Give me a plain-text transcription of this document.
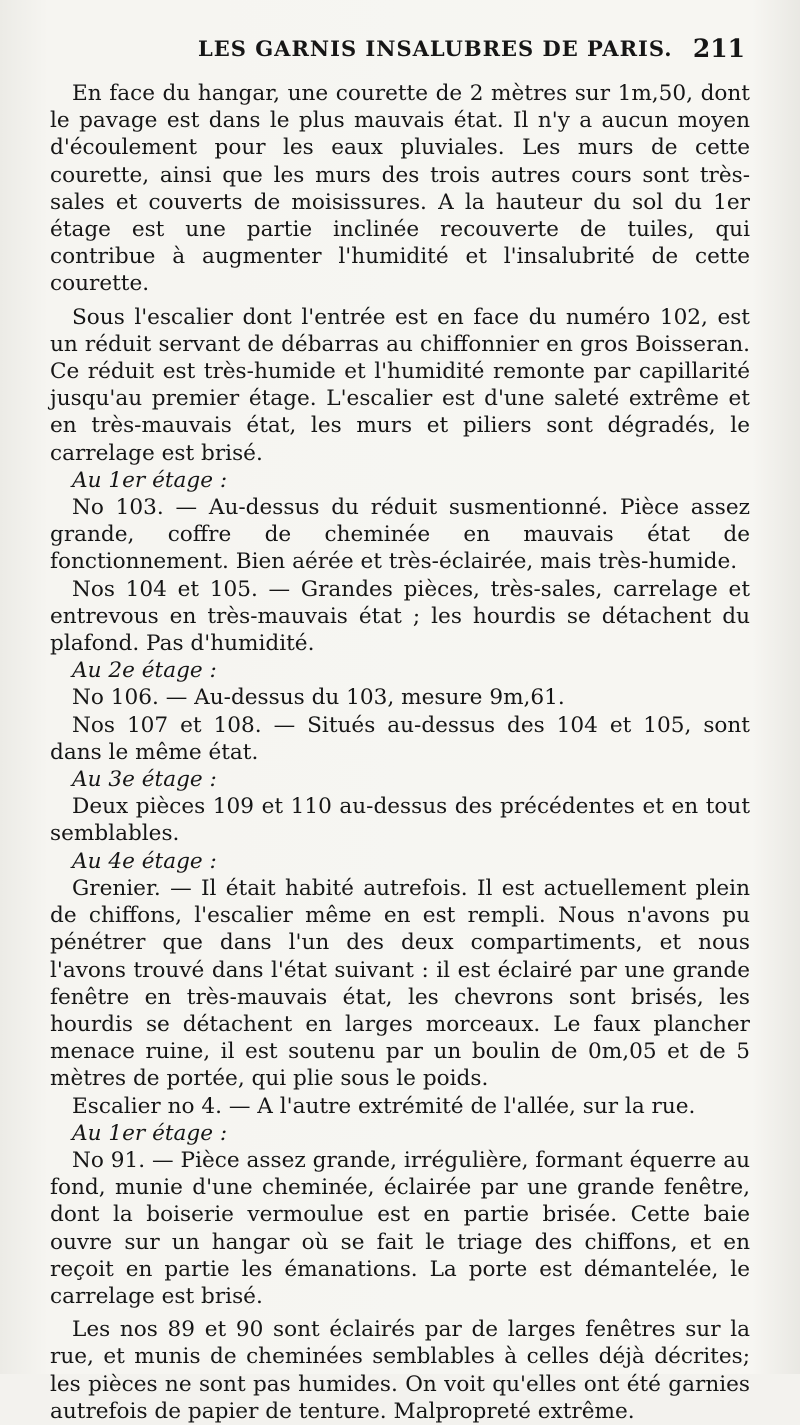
LES GARNIS INSALUBRES DE PARIS. 211

En face du hangar, une courette de 2 mètres sur 1m,50, dont le pavage est dans le plus mauvais état. Il n'y a aucun moyen d'écoulement pour les eaux pluviales. Les murs de cette courette, ainsi que les murs des trois autres cours sont très-sales et couverts de moisissures. A la hauteur du sol du 1er étage est une partie inclinée recouverte de tuiles, qui contribue à augmenter l'humidité et l'insalubrité de cette courette.

Sous l'escalier dont l'entrée est en face du numéro 102, est un réduit servant de débarras au chiffonnier en gros Boisseran. Ce réduit est très-humide et l'humidité remonte par capillarité jusqu'au premier étage. L'escalier est d'une saleté extrême et en très-mauvais état, les murs et piliers sont dégradés, le carrelage est brisé.

Au 1er étage :

No 103. — Au-dessus du réduit susmentionné. Pièce assez grande, coffre de cheminée en mauvais état de fonctionnement. Bien aérée et très-éclairée, mais très-humide.

Nos 104 et 105. — Grandes pièces, très-sales, carrelage et entrevous en très-mauvais état ; les hourdis se détachent du plafond. Pas d'humidité.

Au 2e étage :

No 106. — Au-dessus du 103, mesure 9m,61.

Nos 107 et 108. — Situés au-dessus des 104 et 105, sont dans le même état.

Au 3e étage :

Deux pièces 109 et 110 au-dessus des précédentes et en tout semblables.

Au 4e étage :

Grenier. — Il était habité autrefois. Il est actuellement plein de chiffons, l'escalier même en est rempli. Nous n'avons pu pénétrer que dans l'un des deux compartiments, et nous l'avons trouvé dans l'état suivant : il est éclairé par une grande fenêtre en très-mauvais état, les chevrons sont brisés, les hourdis se détachent en larges morceaux. Le faux plancher menace ruine, il est soutenu par un boulin de 0m,05 et de 5 mètres de portée, qui plie sous le poids.

Escalier no 4. — A l'autre extrémité de l'allée, sur la rue.

Au 1er étage :

No 91. — Pièce assez grande, irrégulière, formant équerre au fond, munie d'une cheminée, éclairée par une grande fenêtre, dont la boiserie vermoulue est en partie brisée. Cette baie ouvre sur un hangar où se fait le triage des chiffons, et en reçoit en partie les émanations. La porte est démantelée, le carrelage est brisé.

Les nos 89 et 90 sont éclairés par de larges fenêtres sur la rue, et munis de cheminées semblables à celles déjà décrites; les pièces ne sont pas humides. On voit qu'elles ont été garnies autrefois de papier de tenture. Malpropreté extrême.
